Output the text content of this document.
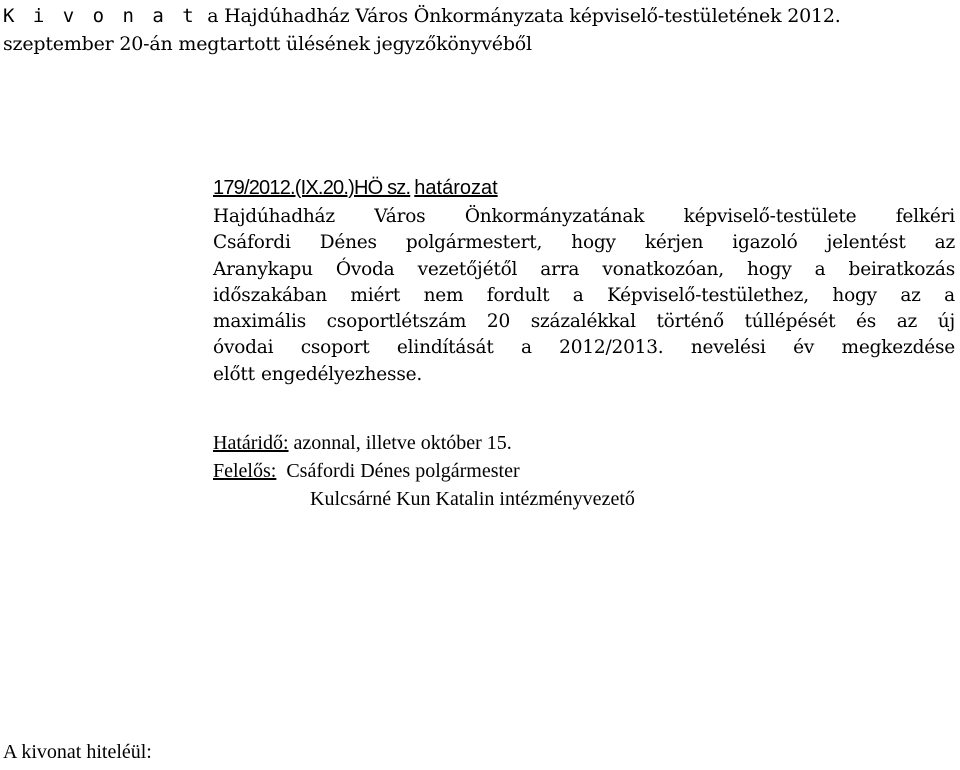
K i v o n a t a Hajdúhadház Város Önkormányzata képviselő-testületének 2012.
szeptember 20-án megtartott ülésének jegyzőkönyvéből
179/2012.(IX.20.)HÖ sz. határozat
Hajdúhadház Város Önkormányzatának képviselő-testülete felkéri
Csáfordi Dénes polgármestert, hogy kérjen igazoló jelentést az
Aranykapu Óvoda vezetőjétől arra vonatkozóan, hogy a beiratkozás
időszakában miért nem fordult a Képviselő-testülethez, hogy az a
maximális csoportlétszám 20 százalékkal történő túllépését és az új
óvodai csoport elindítását a 2012/2013. nevelési év megkezdése
előtt engedélyezhesse.
Határidő: azonnal, illetve október 15.
Felelős: Csáfordi Dénes polgármester
Kulcsárné Kun Katalin intézményvezető
A kivonat hiteléül:
